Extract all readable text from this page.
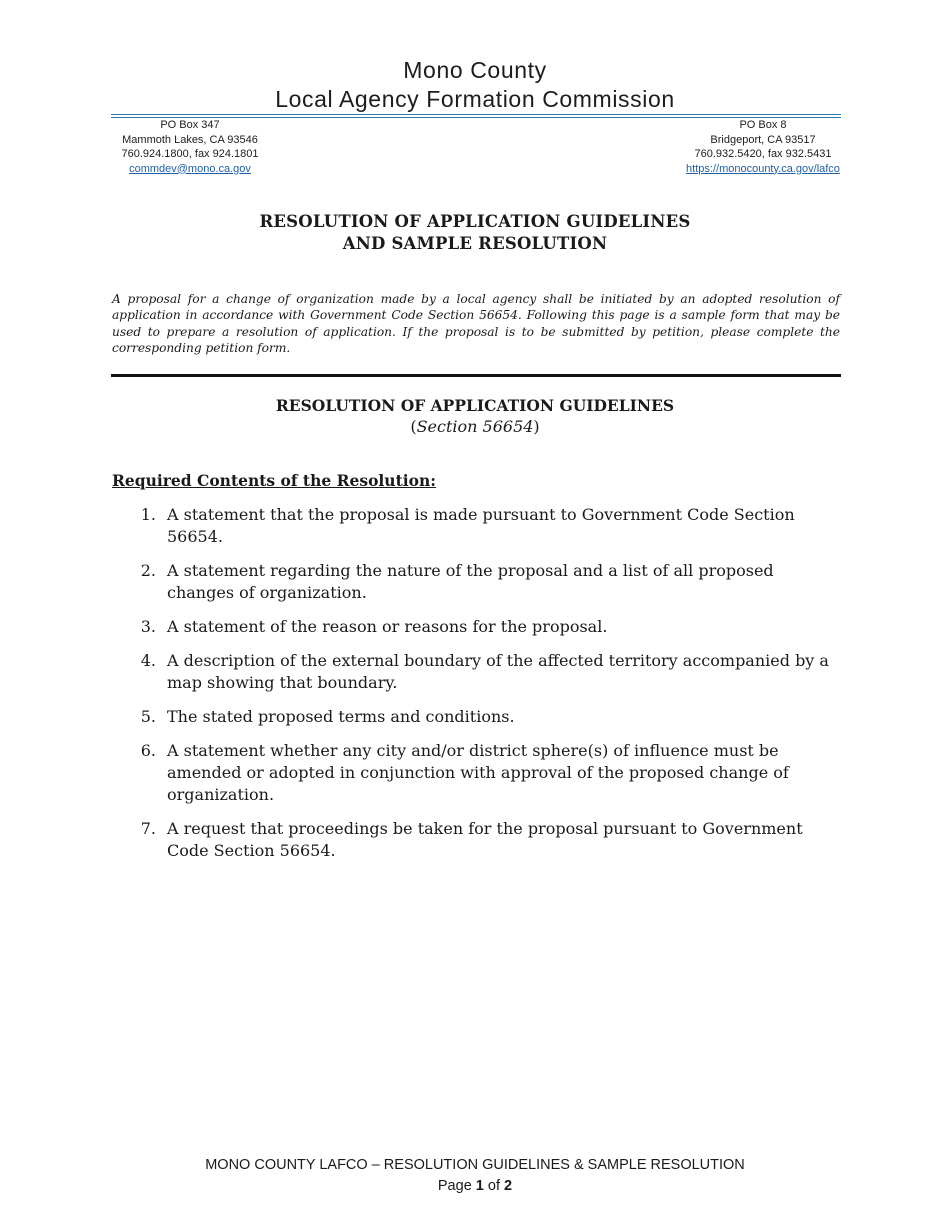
Mono County
Local Agency Formation Commission
PO Box 347
Mammoth Lakes, CA 93546
760.924.1800, fax 924.1801
commdev@mono.ca.gov
PO Box 8
Bridgeport, CA 93517
760.932.5420, fax 932.5431
https://monocounty.ca.gov/lafco
RESOLUTION OF APPLICATION GUIDELINES
AND SAMPLE RESOLUTION
A proposal for a change of organization made by a local agency shall be initiated by an adopted resolution of application in accordance with Government Code Section 56654. Following this page is a sample form that may be used to prepare a resolution of application. If the proposal is to be submitted by petition, please complete the corresponding petition form.
RESOLUTION OF APPLICATION GUIDELINES
(Section 56654)
Required Contents of the Resolution:
1. A statement that the proposal is made pursuant to Government Code Section 56654.
2. A statement regarding the nature of the proposal and a list of all proposed changes of organization.
3. A statement of the reason or reasons for the proposal.
4. A description of the external boundary of the affected territory accompanied by a map showing that boundary.
5. The stated proposed terms and conditions.
6. A statement whether any city and/or district sphere(s) of influence must be amended or adopted in conjunction with approval of the proposed change of organization.
7. A request that proceedings be taken for the proposal pursuant to Government Code Section 56654.
MONO COUNTY LAFCO – RESOLUTION GUIDELINES & SAMPLE RESOLUTION
Page 1 of 2
